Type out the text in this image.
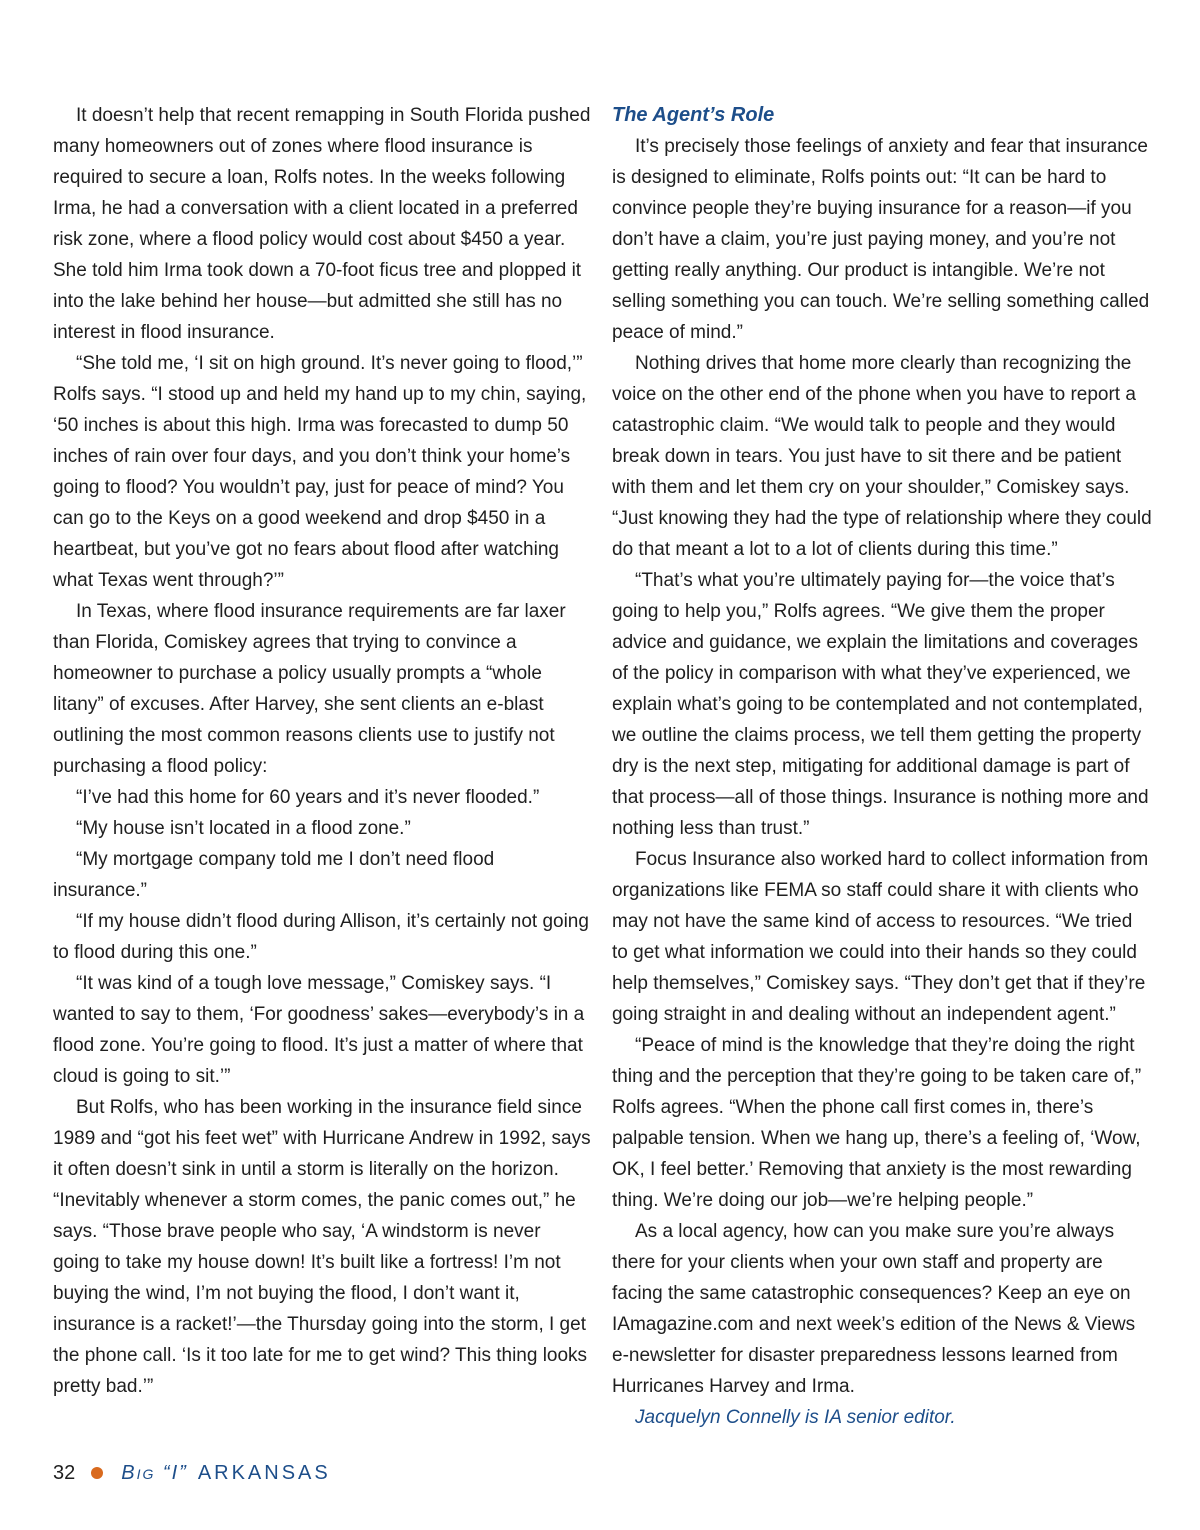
It doesn’t help that recent remapping in South Florida pushed many homeowners out of zones where flood insurance is required to secure a loan, Rolfs notes. In the weeks following Irma, he had a conversation with a client located in a preferred risk zone, where a flood policy would cost about $450 a year. She told him Irma took down a 70-foot ficus tree and plopped it into the lake behind her house—but admitted she still has no interest in flood insurance.

“She told me, ‘I sit on high ground. It’s never going to flood,’” Rolfs says. “I stood up and held my hand up to my chin, saying, ‘50 inches is about this high. Irma was forecasted to dump 50 inches of rain over four days, and you don’t think your home’s going to flood? You wouldn’t pay, just for peace of mind? You can go to the Keys on a good weekend and drop $450 in a heartbeat, but you’ve got no fears about flood after watching what Texas went through?’”

In Texas, where flood insurance requirements are far laxer than Florida, Comiskey agrees that trying to convince a homeowner to purchase a policy usually prompts a “whole litany” of excuses. After Harvey, she sent clients an e-blast outlining the most common reasons clients use to justify not purchasing a flood policy:

“I’ve had this home for 60 years and it’s never flooded.”

“My house isn’t located in a flood zone.”

“My mortgage company told me I don’t need flood insurance.”

“If my house didn’t flood during Allison, it’s certainly not going to flood during this one.”

“It was kind of a tough love message,” Comiskey says. “I wanted to say to them, ‘For goodness’ sakes—everybody’s in a flood zone. You’re going to flood. It’s just a matter of where that cloud is going to sit.’”

But Rolfs, who has been working in the insurance field since 1989 and “got his feet wet” with Hurricane Andrew in 1992, says it often doesn’t sink in until a storm is literally on the horizon. “Inevitably whenever a storm comes, the panic comes out,” he says. “Those brave people who say, ‘A windstorm is never going to take my house down! It’s built like a fortress! I’m not buying the wind, I’m not buying the flood, I don’t want it, insurance is a racket!’—the Thursday going into the storm, I get the phone call. ‘Is it too late for me to get wind? This thing looks pretty bad.’”

The Agent’s Role

It’s precisely those feelings of anxiety and fear that insurance is designed to eliminate, Rolfs points out: “It can be hard to convince people they’re buying insurance for a reason—if you don’t have a claim, you’re just paying money, and you’re not getting really anything. Our product is intangible. We’re not selling something you can touch. We’re selling something called peace of mind.”

Nothing drives that home more clearly than recognizing the voice on the other end of the phone when you have to report a catastrophic claim. “We would talk to people and they would break down in tears. You just have to sit there and be patient with them and let them cry on your shoulder,” Comiskey says. “Just knowing they had the type of relationship where they could do that meant a lot to a lot of clients during this time.”

“That’s what you’re ultimately paying for—the voice that’s going to help you,” Rolfs agrees. “We give them the proper advice and guidance, we explain the limitations and coverages of the policy in comparison with what they’ve experienced, we explain what’s going to be contemplated and not contemplated, we outline the claims process, we tell them getting the property dry is the next step, mitigating for additional damage is part of that process—all of those things. Insurance is nothing more and nothing less than trust.”

Focus Insurance also worked hard to collect information from organizations like FEMA so staff could share it with clients who may not have the same kind of access to resources. “We tried to get what information we could into their hands so they could help themselves,” Comiskey says. “They don’t get that if they’re going straight in and dealing without an independent agent.”

“Peace of mind is the knowledge that they’re doing the right thing and the perception that they’re going to be taken care of,” Rolfs agrees. “When the phone call first comes in, there’s palpable tension. When we hang up, there’s a feeling of, ‘Wow, OK, I feel better.’ Removing that anxiety is the most rewarding thing. We’re doing our job—we’re helping people.”

As a local agency, how can you make sure you’re always there for your clients when your own staff and property are facing the same catastrophic consequences? Keep an eye on IAmagazine.com and next week’s edition of the News & Views e-newsletter for disaster preparedness lessons learned from Hurricanes Harvey and Irma.

Jacquelyn Connelly is IA senior editor.

32 Big “I” ARKANSAS
